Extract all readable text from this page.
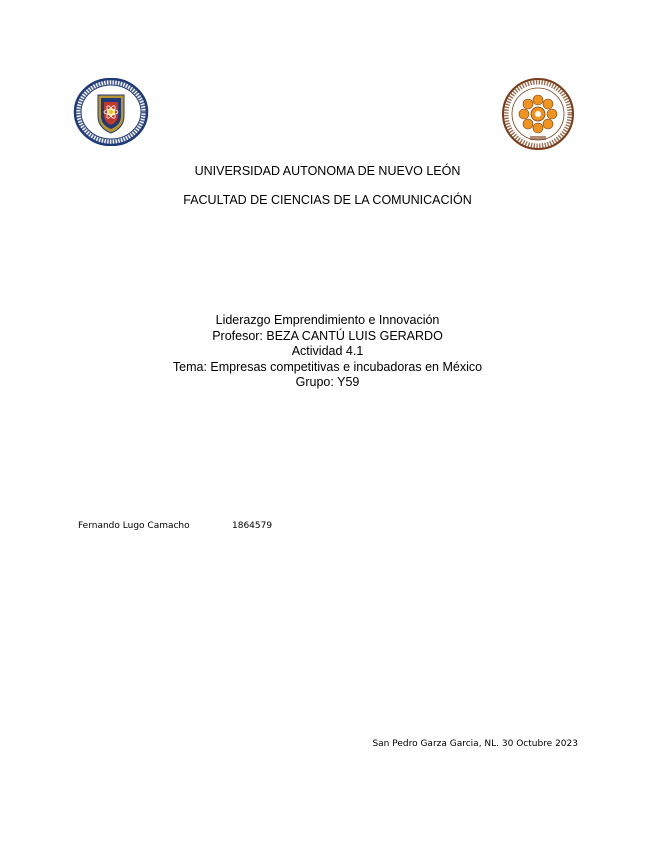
UNIVERSIDAD AUTONOMA DE NUEVO LEÓN
FACULTAD DE CIENCIAS DE LA COMUNICACIÓN
Liderazgo Emprendimiento e Innovación
Profesor: BEZA CANTÚ LUIS GERARDO
Actividad 4.1
Tema: Empresas competitivas e incubadoras en México
Grupo: Y59
Fernando Lugo Camacho	1864579
San Pedro Garza Garcia, NL. 30 Octubre 2023
